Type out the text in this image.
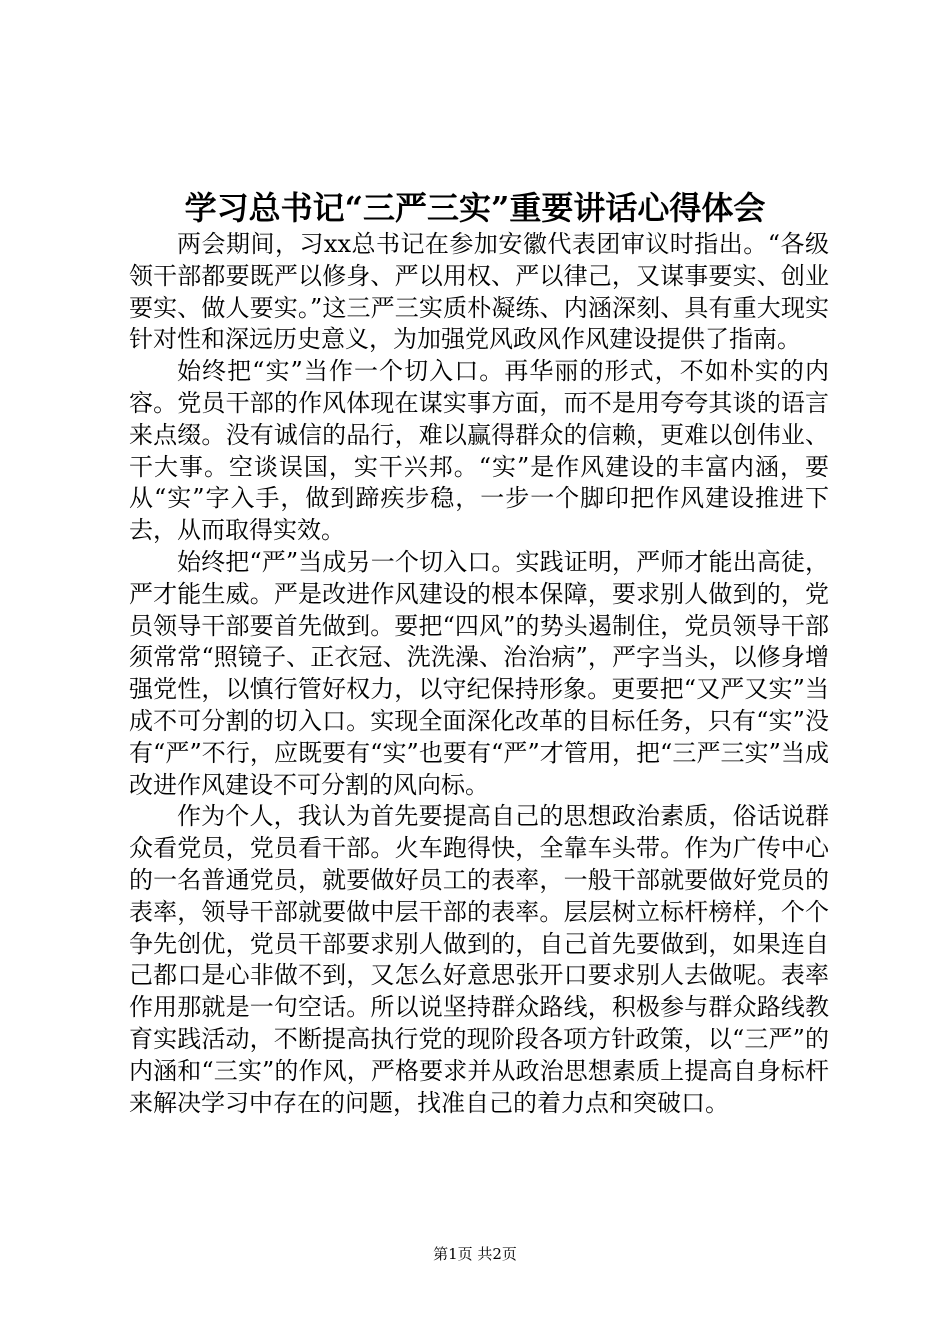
学习总书记“三严三实”重要讲话心得体会

两会期间，习xx总书记在参加安徽代表团审议时指出。“各级领干部都要既严以修身、严以用权、严以律己，又谋事要实、创业要实、做人要实。”这三严三实质朴凝练、内涵深刻、具有重大现实针对性和深远历史意义，为加强党风政风作风建设提供了指南。

始终把“实”当作一个切入口。再华丽的形式，不如朴实的内容。党员干部的作风体现在谋实事方面，而不是用夸夸其谈的语言来点缀。没有诚信的品行，难以赢得群众的信赖，更难以创伟业、干大事。空谈误国，实干兴邦。“实”是作风建设的丰富内涵，要从“实”字入手，做到蹄疾步稳，一步一个脚印把作风建设推进下去，从而取得实效。

始终把“严”当成另一个切入口。实践证明，严师才能出高徒，严才能生威。严是改进作风建设的根本保障，要求别人做到的，党员领导干部要首先做到。要把“四风”的势头遏制住，党员领导干部须常常“照镜子、正衣冠、洗洗澡、治治病”，严字当头，以修身增强党性，以慎行管好权力，以守纪保持形象。更要把“又严又实”当成不可分割的切入口。实现全面深化改革的目标任务，只有“实”没有“严”不行，应既要有“实”也要有“严”才管用，把“三严三实”当成改进作风建设不可分割的风向标。

作为个人，我认为首先要提高自己的思想政治素质，俗话说群众看党员，党员看干部。火车跑得快，全靠车头带。作为广传中心的一名普通党员，就要做好员工的表率，一般干部就要做好党员的表率，领导干部就要做中层干部的表率。层层树立标杆榜样，个个争先创优，党员干部要求别人做到的，自己首先要做到，如果连自己都口是心非做不到，又怎么好意思张开口要求别人去做呢。表率作用那就是一句空话。所以说坚持群众路线，积极参与群众路线教育实践活动，不断提高执行党的现阶段各项方针政策，以“三严”的内涵和“三实”的作风，严格要求并从政治思想素质上提高自身标杆来解决学习中存在的问题，找准自己的着力点和突破口。

第1页 共2页
